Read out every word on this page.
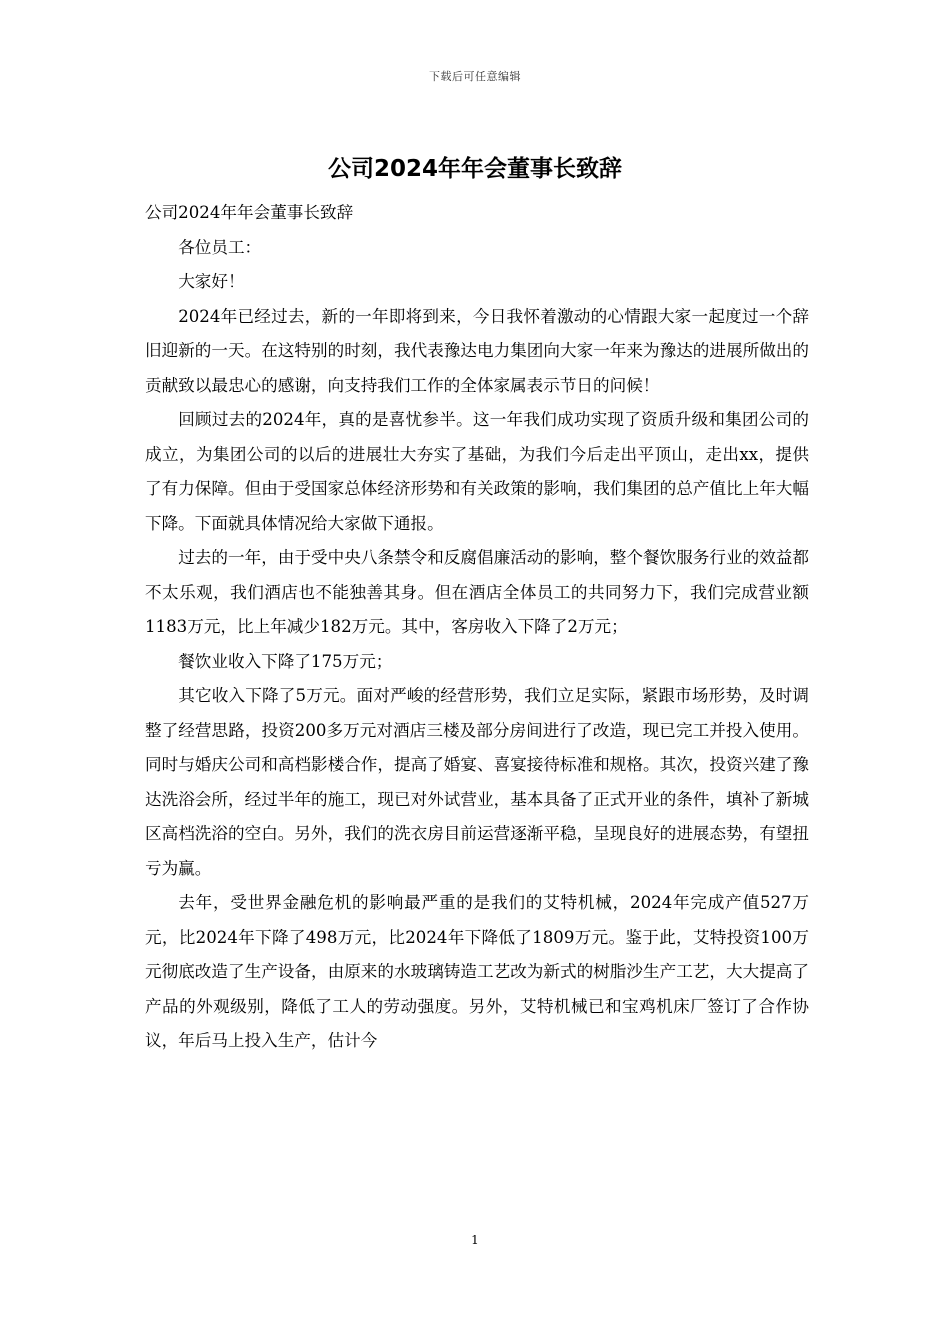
下载后可任意编辑
公司2024年年会董事长致辞

公司2024年年会董事长致辞

各位员工：

大家好！

2024年已经过去，新的一年即将到来，今日我怀着激动的心情跟大家一起度过一个辞旧迎新的一天。在这特别的时刻，我代表豫达电力集团向大家一年来为豫达的进展所做出的贡献致以最忠心的感谢，向支持我们工作的全体家属表示节日的问候！

回顾过去的2024年，真的是喜忧参半。这一年我们成功实现了资质升级和集团公司的成立，为集团公司的以后的进展壮大夯实了基础，为我们今后走出平顶山，走出xx，提供了有力保障。但由于受国家总体经济形势和有关政策的影响，我们集团的总产值比上年大幅下降。下面就具体情况给大家做下通报。

过去的一年，由于受中央八条禁令和反腐倡廉活动的影响，整个餐饮服务行业的效益都不太乐观，我们酒店也不能独善其身。但在酒店全体员工的共同努力下，我们完成营业额1183万元，比上年减少182万元。其中，客房收入下降了2万元；

餐饮业收入下降了175万元；

其它收入下降了5万元。面对严峻的经营形势，我们立足实际，紧跟市场形势，及时调整了经营思路，投资200多万元对酒店三楼及部分房间进行了改造，现已完工并投入使用。同时与婚庆公司和高档影楼合作，提高了婚宴、喜宴接待标准和规格。其次，投资兴建了豫达洗浴会所，经过半年的施工，现已对外试营业，基本具备了正式开业的条件，填补了新城区高档洗浴的空白。另外，我们的洗衣房目前运营逐渐平稳，呈现良好的进展态势，有望扭亏为赢。

去年，受世界金融危机的影响最严重的是我们的艾特机械，2024年完成产值527万元，比2024年下降了498万元，比2024年下降低了1809万元。鉴于此，艾特投资100万元彻底改造了生产设备，由原来的水玻璃铸造工艺改为新式的树脂沙生产工艺，大大提高了产品的外观级别，降低了工人的劳动强度。另外，艾特机械已和宝鸡机床厂签订了合作协议，年后马上投入生产，估计今

1
